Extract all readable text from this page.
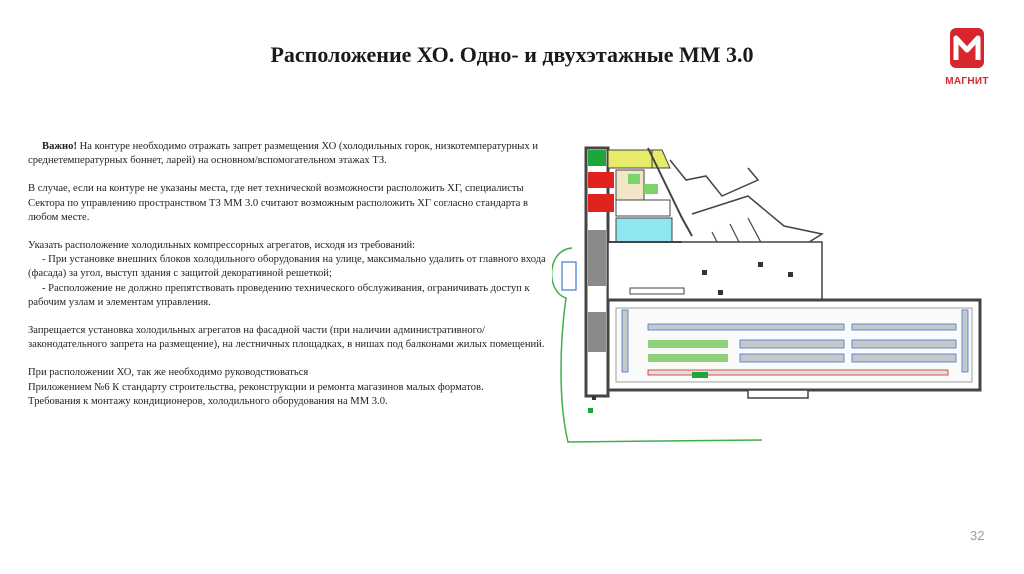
Расположение ХО. Одно- и двухэтажные ММ 3.0
МАГНИТ
Важно! На контуре необходимо отражать запрет размещения ХО (холодильных горок, низкотемпературных и среднетемпературных боннет, ларей) на основном/вспомогательном этажах ТЗ.
В случае, если на контуре не указаны места, где нет технической возможности расположить ХГ, специалисты Сектора по управлению пространством ТЗ ММ 3.0 считают возможным расположить ХГ согласно стандарта в любом месте.

Указать расположение холодильных компрессорных агрегатов, исходя из требований:

- При установке внешних блоков холодильного оборудования на улице, максимально удалить от главного входа (фасада) за угол, выступ здания с защитой декоративной решеткой;

- Расположение не должно препятствовать проведению технического обслуживания, ограничивать доступ к рабочим узлам и элементам управления.

Запрещается установка холодильных агрегатов на фасадной части (при наличии административного/законодательного запрета на размещение), на лестничных площадках, в нишах под балконами жилых помещений.

При расположении ХО, так же необходимо руководствоваться

Приложением №6 К стандарту строительства, реконструкции и ремонта магазинов малых форматов.

Требования к монтажу кондиционеров, холодильного оборудования на ММ 3.0.

32
